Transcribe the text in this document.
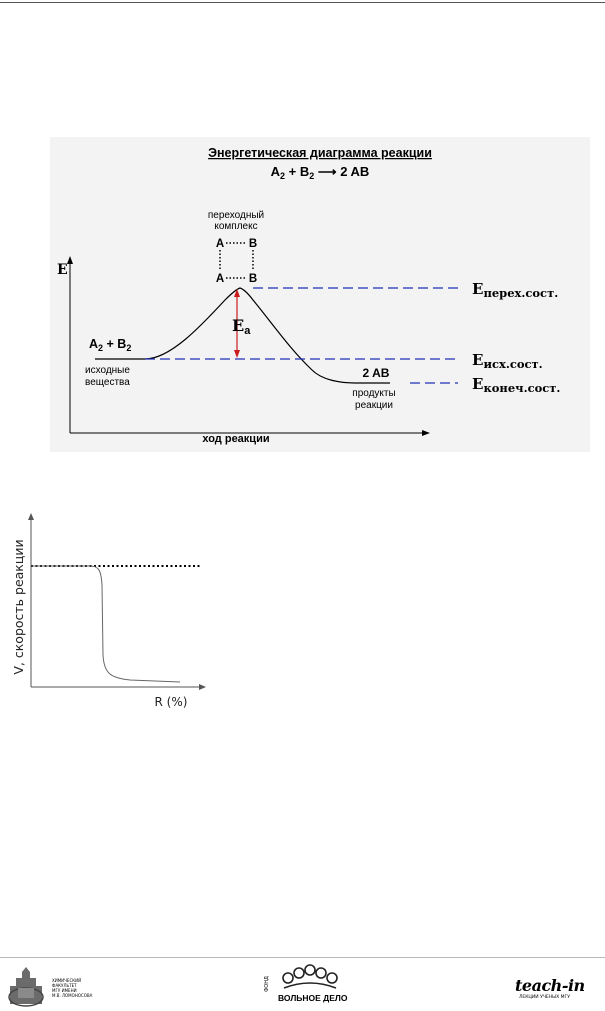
Энергетическая диаграмма реакции
$A_2 + B_2$ ⟶ 2 AB
E
ход реакции
Ea
переходный
комплекс
A B
A B
$A_2 + B_2$
исходные
вещества
2 AB
продукты
реакции
$E_{перех.сост.}$
$E_{исх.сост.}$
$E_{конеч.сост.}$
V, скорость реакции
R (%)
ХИМИЧЕСКИЙ
ФАКУЛЬТЕТ
МГУ ИМЕНИ
М.В. ЛОМОНОСОВА
ФОНД
ВОЛЬНОЕ ДЕЛО
teach-in
ЛЕКЦИИ УЧЕНЫХ МГУ
